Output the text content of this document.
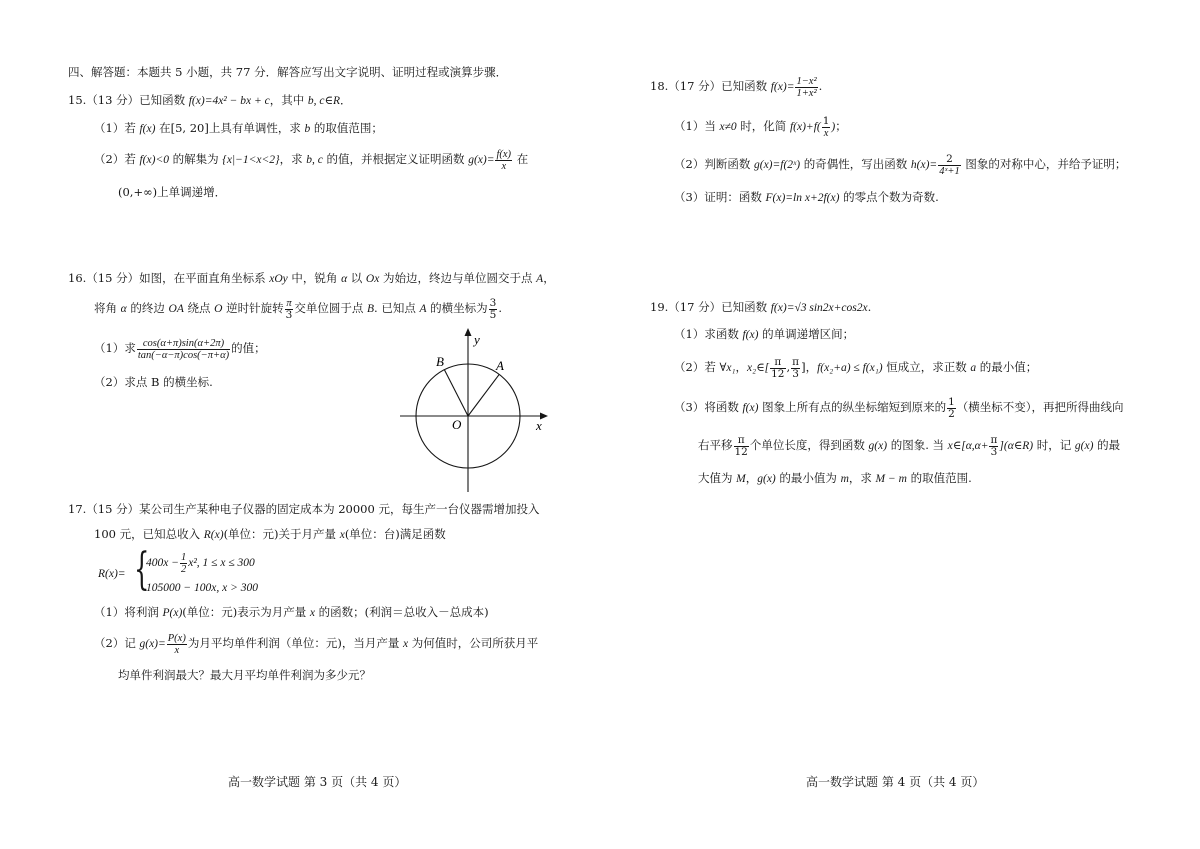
四、解答题：本题共 5 小题，共 77 分．解答应写出文字说明、证明过程或演算步骤．
15.（13 分）已知函数 f(x)=4x² − bx + c，其中 b, c∈R．
（1）若 f(x) 在[5, 20]上具有单调性，求 b 的取值范围；
（2）若 f(x)<0 的解集为 {x|−1<x<2}，求 b, c 的值，并根据定义证明函数 $g(x)= \frac{f(x)}{x}$ 在
(0,+∞)上单调递增．
16.（15 分）如图，在平面直角坐标系 xOy 中，锐角 α 以 Ox 为始边，终边与单位圆交于点 A，
将角 α 的终边 OA 绕点 O 逆时针旋转 $\frac{\pi}{3}$ 交单位圆于点 B. 已知点 A 的横坐标为 $\frac{3}{5}$ .
（1）求 $\frac{\cos(\alpha+\pi)\sin(\alpha+2\pi)}{\tan(-\alpha-\pi)\cos(-\pi+\alpha)}$ 的值；
（2）求点 B 的横坐标.
y
x
O
A
B
17.（15 分）某公司生产某种电子仪器的固定成本为 20000 元，每生产一台仪器需增加投入
100 元，已知总收入 R(x)(单位：元)关于月产量 x(单位：台)满足函数
R(x)= {
$400x - \frac{1}{2} x^2$, 1 ≤ x ≤ 300
105000 − 100x, x > 300
（1）将利润 P(x)(单位：元)表示为月产量 x 的函数；(利润＝总收入－总成本)
（2）记 $g(x)= \frac{P(x)}{x}$ 为月平均单件利润（单位：元)，当月产量 x 为何值时，公司所获月平
均单件利润最大？最大月平均单件利润为多少元？
高一数学试题 第 3 页（共 4 页）
18.（17 分）已知函数 $f(x)= \frac{\text{1−x²}}{\text{1+x²}}$ .
（1）当 x≠0 时，化简 $f(x)+f( \frac{1}{x}$ )；
（2）判断函数 g(x)=f(2ˣ) 的奇偶性，写出函数 $h(x)= \frac{2}{\text{4ˣ+1}}$ 图象的对称中心，并给予证明；
（3）证明：函数 F(x)=ln x+2f(x) 的零点个数为奇数.
19.（17 分）已知函数 f(x)=√3 sin2x+cos2x.
（1）求函数 f(x) 的单调递增区间；
（2）若 ∀x₁，x₂∈[ $\frac{\pi}{12}$ , $\frac{\pi}{3}$ ]，f(x₂+a) ≤ f(x₁) 恒成立，求正数 a 的最小值；
（3）将函数 f(x) 图象上所有点的纵坐标缩短到原来的 $\frac{1}{2}$ （横坐标不变），再把所得曲线向
右平移 $\frac{\pi}{12}$ 个单位长度，得到函数 g(x) 的图象. 当 x∈[α,α+ $\frac{\pi}{3}$ ](α∈R) 时，记 g(x) 的最
大值为 M，g(x) 的最小值为 m，求 M − m 的取值范围.
高一数学试题 第 4 页（共 4 页）
